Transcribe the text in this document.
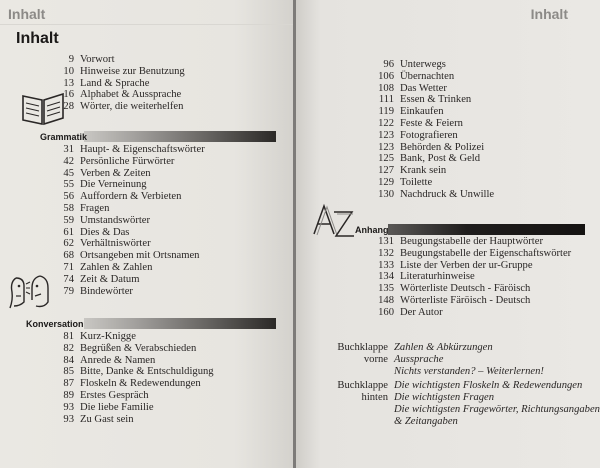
Inhalt
Inhalt
9 Vorwort
10 Hinweise zur Benutzung
13 Land & Sprache
16 Alphabet & Aussprache
28 Wörter, die weiterhelfen
Grammatik
31 Haupt- & Eigenschaftswörter
42 Persönliche Fürwörter
45 Verben & Zeiten
55 Die Verneinung
56 Auffordern & Verbieten
58 Fragen
59 Umstandswörter
61 Dies & Das
62 Verhältniswörter
68 Ortsangeben mit Ortsnamen
71 Zahlen & Zahlen
74 Zeit & Datum
79 Bindewörter
Konversation
81 Kurz-Knigge
82 Begrüßen & Verabschieden
84 Anrede & Namen
85 Bitte, Danke & Entschuldigung
87 Floskeln & Redewendungen
89 Erstes Gespräch
93 Die liebe Familie
93 Zu Gast sein
Inhalt
96 Unterwegs
106 Übernachten
108 Das Wetter
111 Essen & Trinken
119 Einkaufen
122 Feste & Feiern
123 Fotografieren
123 Behörden & Polizei
125 Bank, Post & Geld
127 Krank sein
129 Toilette
130 Nachdruck & Unwille
Anhang
131 Beugungstabelle der Hauptwörter
132 Beugungstabelle der Eigenschaftswörter
133 Liste der Verben der ur-Gruppe
134 Literaturhinweise
135 Wörterliste Deutsch - Färöisch
148 Wörterliste Färöisch - Deutsch
160 Der Autor
Buchklappe
vorne
Zahlen & Abkürzungen
Aussprache
Nichts verstanden? – Weiterlernen!
Buchklappe
hinten
Die wichtigsten Floskeln & Redewendungen
Die wichtigsten Fragen
Die wichtigsten Fragewörter, Richtungsangaben
& Zeitangaben
